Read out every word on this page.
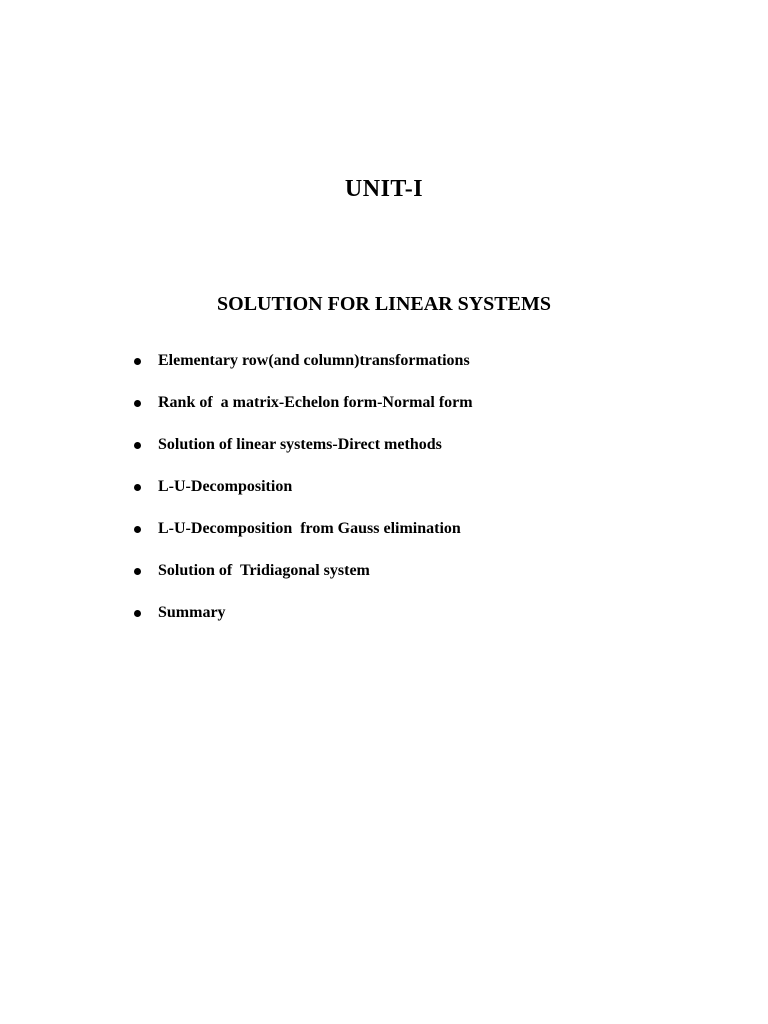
UNIT-I
SOLUTION FOR LINEAR SYSTEMS
Elementary row(and column)transformations
Rank of  a matrix-Echelon form-Normal form
Solution of linear systems-Direct methods
L-U-Decomposition
L-U-Decomposition  from Gauss elimination
Solution of  Tridiagonal system
Summary
